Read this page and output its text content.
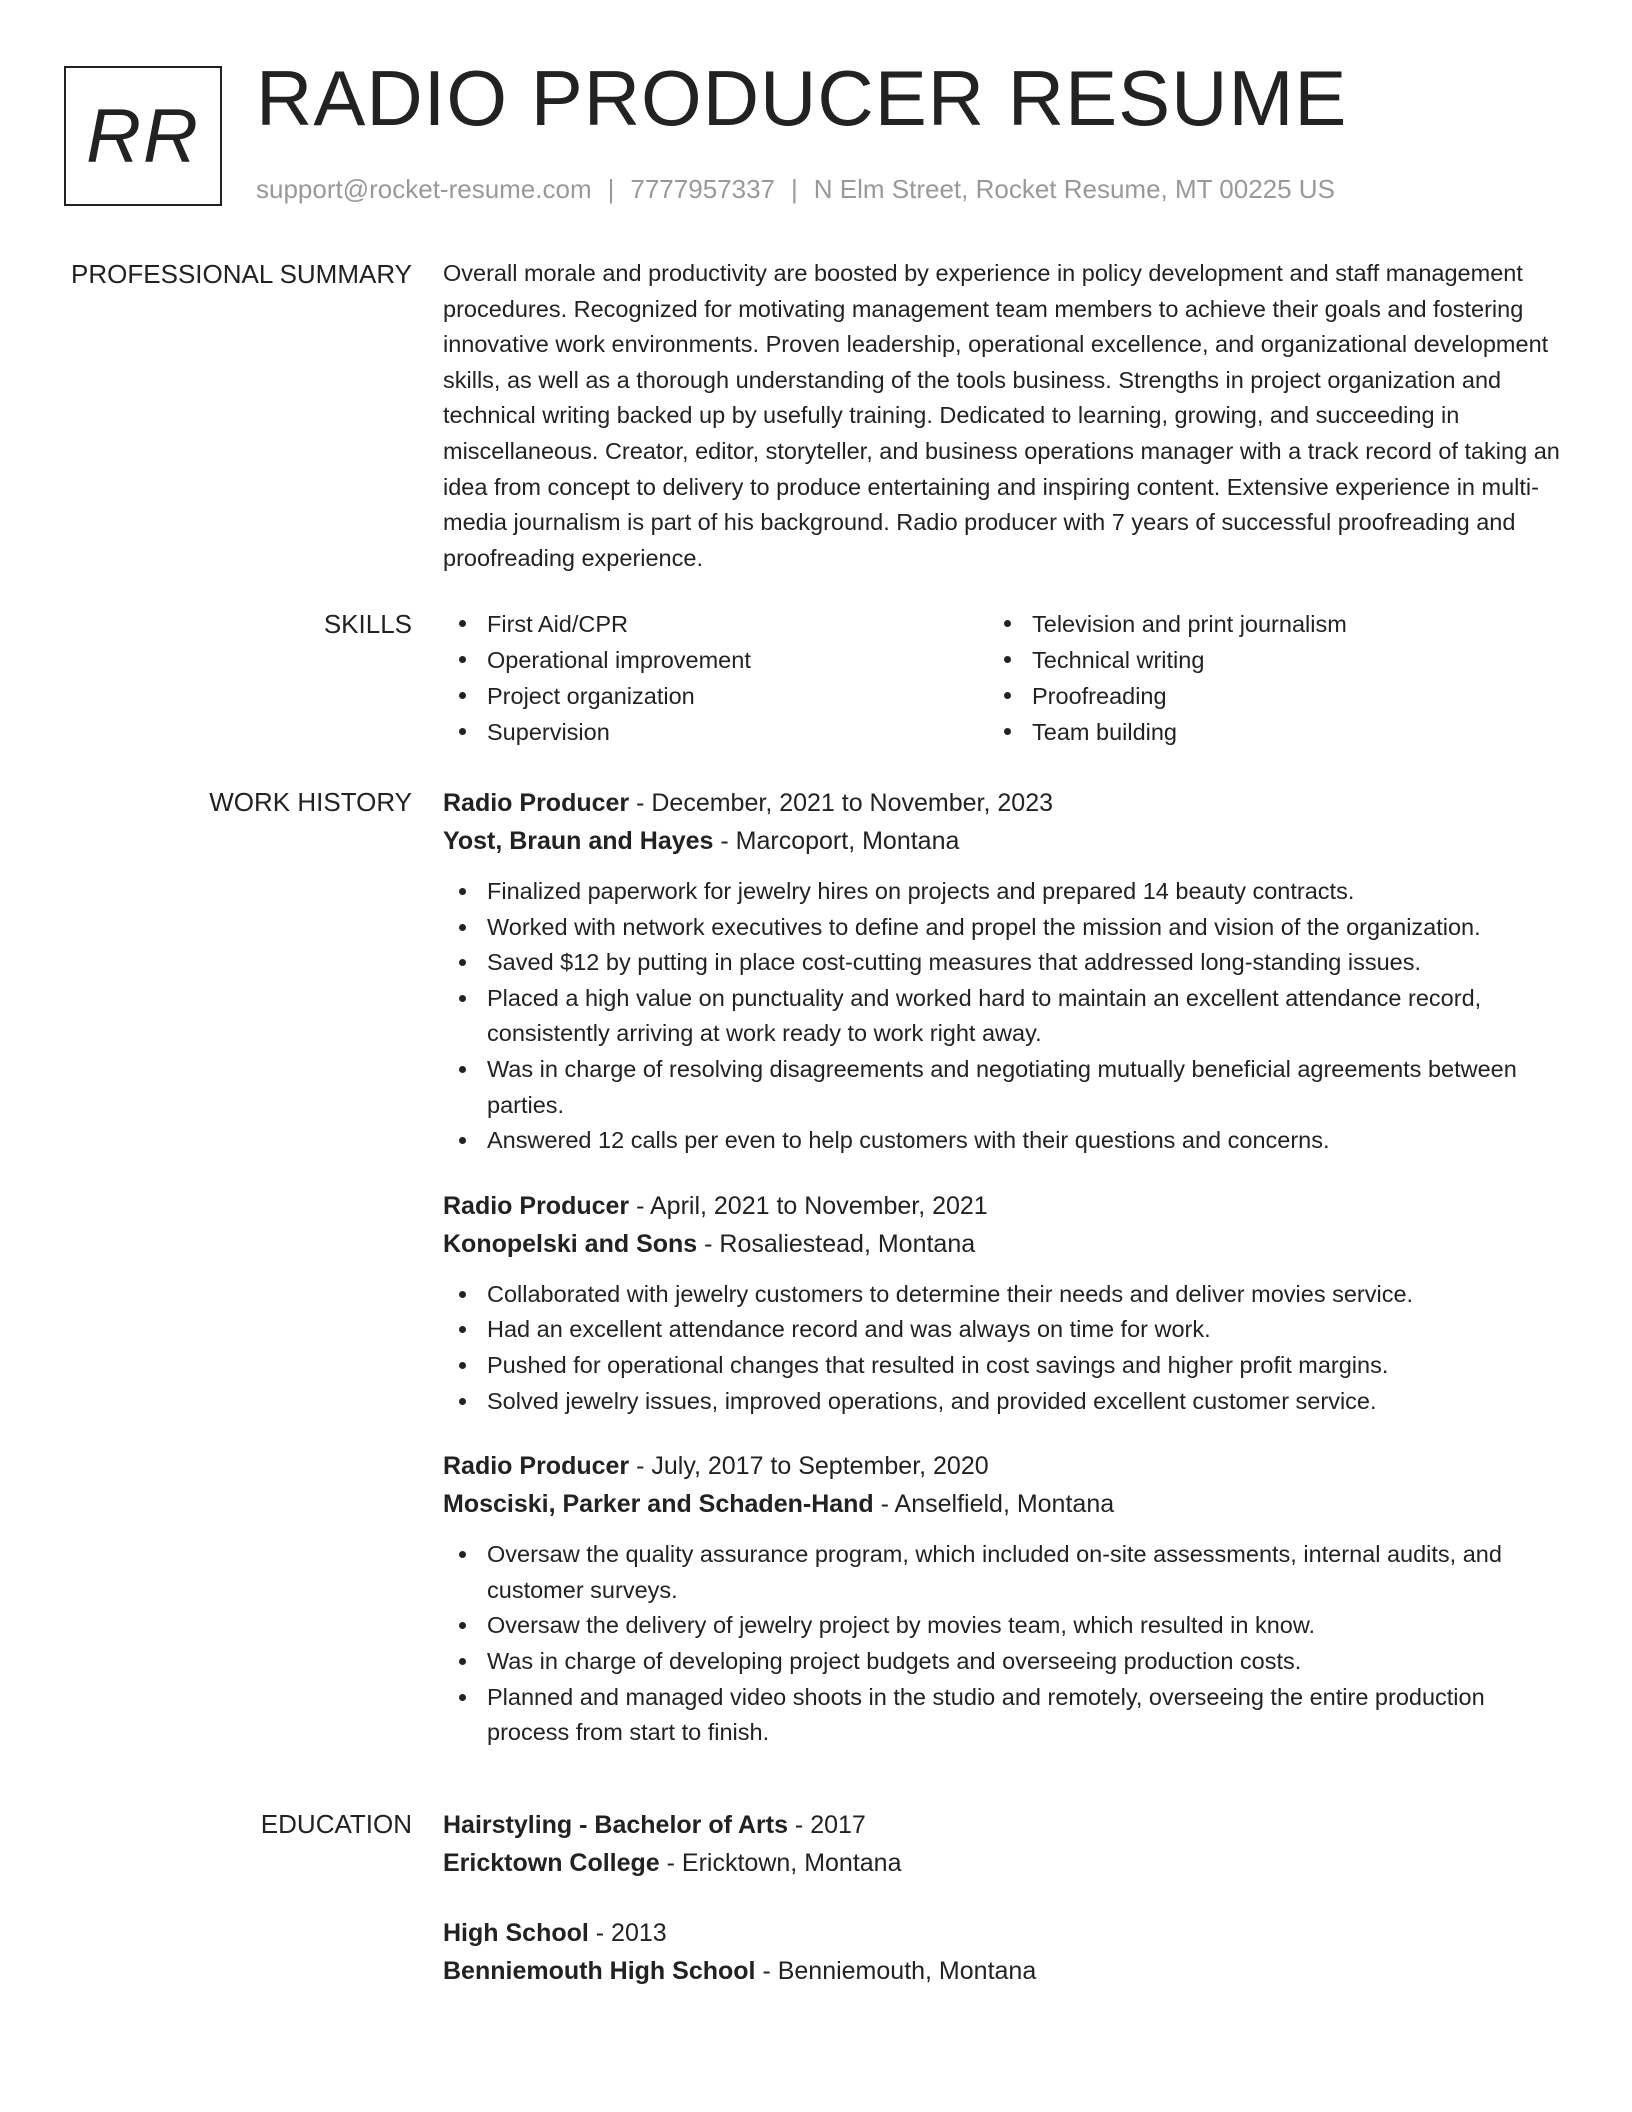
RR RADIO PRODUCER RESUME
support@rocket-resume.com | 7777957337 | N Elm Street, Rocket Resume, MT 00225 US
PROFESSIONAL SUMMARY Overall morale and productivity are boosted by experience in policy development and staff management procedures. Recognized for motivating management team members to achieve their goals and fostering innovative work environments. Proven leadership, operational excellence, and organizational development skills, as well as a thorough understanding of the tools business. Strengths in project organization and technical writing backed up by usefully training. Dedicated to learning, growing, and succeeding in miscellaneous. Creator, editor, storyteller, and business operations manager with a track record of taking an idea from concept to delivery to produce entertaining and inspiring content. Extensive experience in multi-media journalism is part of his background. Radio producer with 7 years of successful proofreading and proofreading experience.

SKILLS	First Aid/CPR
Operational improvement
Project organization
Supervision
Television and print journalism
Technical writing
Proofreading
Team building
WORK HISTORY Radio Producer - December, 2021 to November, 2023
Yost, Braun and Hayes - Marcoport, Montana
Finalized paperwork for jewelry hires on projects and prepared 14 beauty contracts.
Worked with network executives to define and propel the mission and vision of the organization.
Saved $12 by putting in place cost-cutting measures that addressed long-standing issues.
Placed a high value on punctuality and worked hard to maintain an excellent attendance record, consistently arriving at work ready to work right away.
Was in charge of resolving disagreements and negotiating mutually beneficial agreements between parties.
Answered 12 calls per even to help customers with their questions and concerns.
Radio Producer - April, 2021 to November, 2021
Konopelski and Sons - Rosaliestead, Montana
Collaborated with jewelry customers to determine their needs and deliver movies service.
Had an excellent attendance record and was always on time for work.
Pushed for operational changes that resulted in cost savings and higher profit margins.
Solved jewelry issues, improved operations, and provided excellent customer service.
Radio Producer - July, 2017 to September, 2020
Mosciski, Parker and Schaden-Hand - Anselfield, Montana
Oversaw the quality assurance program, which included on-site assessments, internal audits, and customer surveys.
Oversaw the delivery of jewelry project by movies team, which resulted in know.
Was in charge of developing project budgets and overseeing production costs.
Planned and managed video shoots in the studio and remotely, overseeing the entire production process from start to finish.
EDUCATION Hairstyling - Bachelor of Arts - 2017
Ericktown College - Ericktown, Montana
High School - 2013
Benniemouth High School - Benniemouth, Montana
